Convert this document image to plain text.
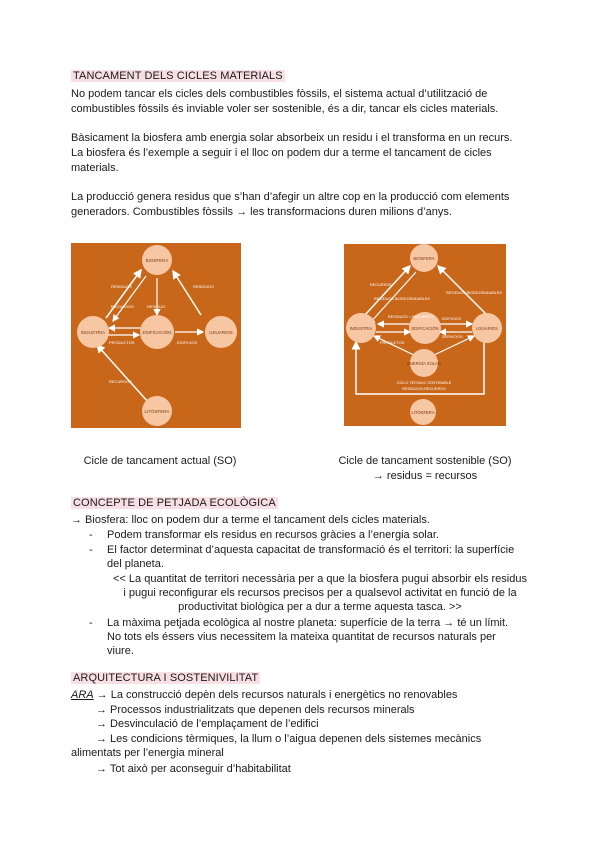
TANCAMENT DELS CICLES MATERIALS

No podem tancar els cicles dels combustibles fòssils, el sistema actual d’utilització de

combustibles fòssils és inviable voler ser sostenible, és a dir, tancar els cicles materials.

Bàsicament la biosfera amb energia solar absorbeix un residu i el transforma en un recurs.

La biosfera és l’exemple a seguir i el lloc on podem dur a terme el tancament de cicles

materials.

La producció genera residus que s’han d’afegir un altre cop en la producció com elements

generadors. Combustibles fòssils → les transformacions duren milions d’anys.

BIOSFERA
INDUSTRIA	EDIFICACIÓN	USUARIOS
LITÓSFERA
RESIDUOS	RESIDUOS
RECURSOS	RESIDUO
PRODUCTOS	EDIFICIOS
RECURSOS
BIOSFERA
INDUSTRIA	EDIFICACIÓN	USUARIOS
ENERGÍA SOLAR
LITÓSFERA
RECURSOS
RESIDUOS BIODEGRADABLES
RESIDUOS BIODEGRADABLES
RESIDUOS = RECURSOS
PRODUCTOS
EDIFICIOS
SERVICIOS
CICLO TÉCNICO SOSTENIBLE
RESIDUOS=RECURSOS
Cicle de tancament actual (SO)	Cicle de tancament sostenible (SO)
→ residus = recursos
CONCEPTE DE PETJADA ECOLÒGICA
→ Biosfera: lloc on podem dur a terme el tancament dels cicles materials.
- Podem transformar els residus en recursos gràcies a l’energia solar.
- El factor determinat d’aquesta capacitat de transformació és el territori: la superfície
del planeta.
<< La quantitat de territori necessària per a que la biosfera pugui absorbir els residus
i pugui reconfigurar els recursos precisos per a qualsevol activitat en funció de la
productivitat biològica per a dur a terme aquesta tasca. >>
- La màxima petjada ecològica al nostre planeta: superfície de la terra → té un límit.
No tots els éssers vius necessitem la mateixa quantitat de recursos naturals per
viure.
ARQUITECTURA I SOSTENIVILITAT
ARA → La construcció depèn dels recursos naturals i energètics no renovables
→ Processos industrialitzats que depenen dels recursos minerals
→ Desvinculació de l’emplaçament de l’edifici
→ Les condicions tèrmiques, la llum o l’aigua depenen dels sistemes mecànics
alimentats per l’energia mineral
→ Tot això per aconseguir d’habitabilitat
